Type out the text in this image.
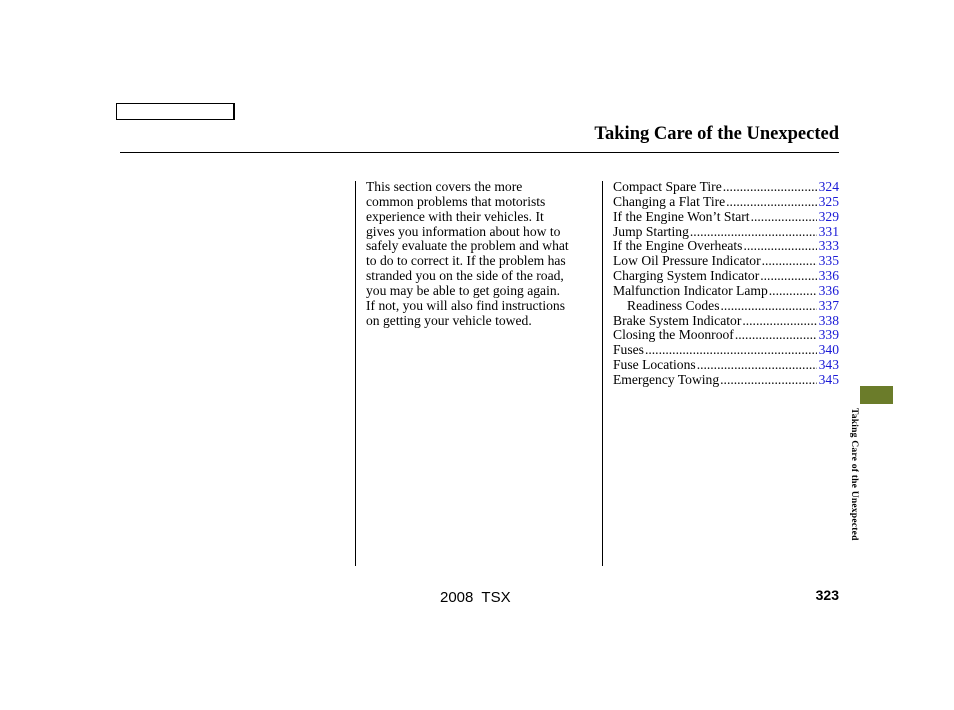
Taking Care of the Unexpected
This section covers the more
common problems that motorists
experience with their vehicles. It
gives you information about how to
safely evaluate the problem and what
to do to correct it. If the problem has
stranded you on the side of the road,
you may be able to get going again.
If not, you will also find instructions
on getting your vehicle towed.
Compact Spare Tire .....	324
Changing a Flat Tire .....	325
If the Engine Won’t Start .....	329
Jump Starting .....	331
If the Engine Overheats .....	333
Low Oil Pressure Indicator .....	335
Charging System Indicator .....	336
Malfunction Indicator Lamp .....	336
Readiness Codes .....	337
Brake System Indicator .....	338
Closing the Moonroof .....	339
Fuses .....	340
Fuse Locations .....	343
Emergency Towing .....	345
Taking Care of the Unexpected
2008  TSX	323
